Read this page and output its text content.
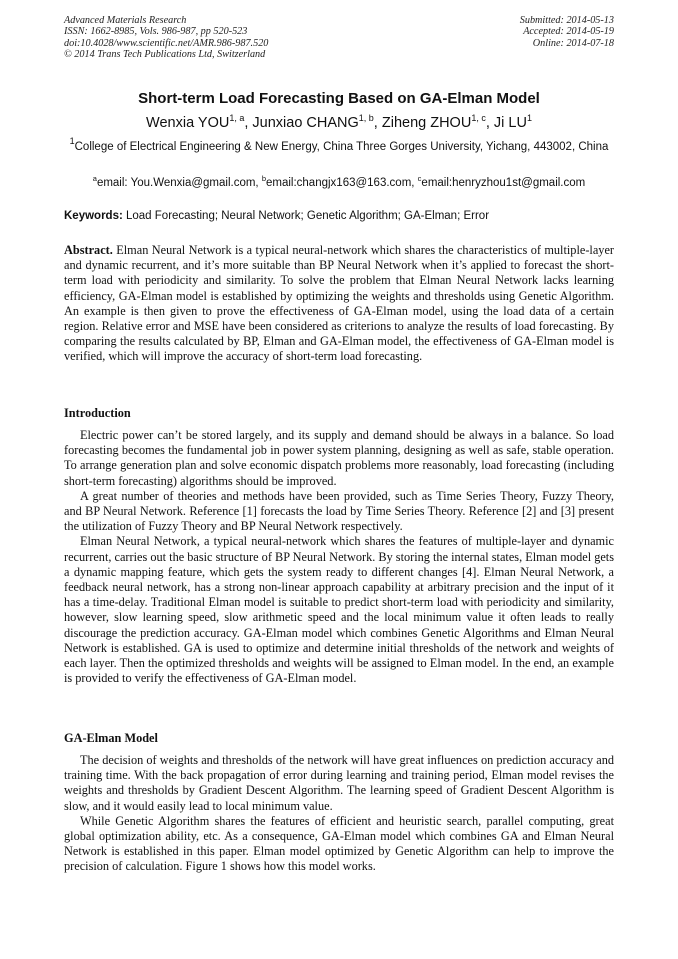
Advanced Materials Research
ISSN: 1662-8985, Vols. 986-987, pp 520-523
doi:10.4028/www.scientific.net/AMR.986-987.520
© 2014 Trans Tech Publications Ltd, Switzerland
Submitted: 2014-05-13
Accepted: 2014-05-19
Online: 2014-07-18
Short-term Load Forecasting Based on GA-Elman Model
Wenxia YOU$^{1, a}$, Junxiao CHANG$^{1, b}$, Ziheng ZHOU$^{1, c}$, Ji $LU^1$
$^1$College of Electrical Engineering & New Energy, China Three Gorges University, Yichang, 443002, China
$^a$email: You.Wenxia@gmail.com, $^b$email:changjx163@163.com, $^c$email:henryzhou1st@gmail.com
Keywords: Load Forecasting; Neural Network; Genetic Algorithm; GA-Elman; Error
Abstract. Elman Neural Network is a typical neural-network which shares the characteristics of multiple-layer and dynamic recurrent, and it’s more suitable than BP Neural Network when it’s applied to forecast the short-term load with periodicity and similarity. To solve the problem that Elman Neural Network lacks learning efficiency, GA-Elman model is established by optimizing the weights and thresholds using Genetic Algorithm. An example is then given to prove the effectiveness of GA-Elman model, using the load data of a certain region. Relative error and MSE have been considered as criterions to analyze the results of load forecasting. By comparing the results calculated by BP, Elman and GA-Elman model, the effectiveness of GA-Elman model is verified, which will improve the accuracy of short-term load forecasting.
Introduction

Electric power can’t be stored largely, and its supply and demand should be always in a balance. So load forecasting becomes the fundamental job in power system planning, designing as well as safe, stable operation. To arrange generation plan and solve economic dispatch problems more reasonably, load forecasting (including short-term forecasting) algorithms should be improved.

A great number of theories and methods have been provided, such as Time Series Theory, Fuzzy Theory, and BP Neural Network. Reference [1] forecasts the load by Time Series Theory. Reference [2] and [3] present the utilization of Fuzzy Theory and BP Neural Network respectively.

Elman Neural Network, a typical neural-network which shares the features of multiple-layer and dynamic recurrent, carries out the basic structure of BP Neural Network. By storing the internal states, Elman model gets a dynamic mapping feature, which gets the system ready to different changes [4]. Elman Neural Network, a feedback neural network, has a strong non-linear approach capability at arbitrary precision and the input of it has a time-delay. Traditional Elman model is suitable to predict short-term load with periodicity and similarity, however, slow learning speed, slow arithmetic speed and the local minimum value it often leads to really discourage the prediction accuracy. GA-Elman model which combines Genetic Algorithms and Elman Neural Network is established. GA is used to optimize and determine initial thresholds of the network and weights of each layer. Then the optimized thresholds and weights will be assigned to Elman model. In the end, an example is provided to verify the effectiveness of GA-Elman model.

GA-Elman Model

The decision of weights and thresholds of the network will have great influences on prediction accuracy and training time. With the back propagation of error during learning and training period, Elman model revises the weights and thresholds by Gradient Descent Algorithm. The learning speed of Gradient Descent Algorithm is slow, and it would easily lead to local minimum value.

While Genetic Algorithm shares the features of efficient and heuristic search, parallel computing, great global optimization ability, etc. As a consequence, GA-Elman model which combines GA and Elman Neural Network is established in this paper. Elman model optimized by Genetic Algorithm can help to improve the precision of calculation. Figure 1 shows how this model works.
